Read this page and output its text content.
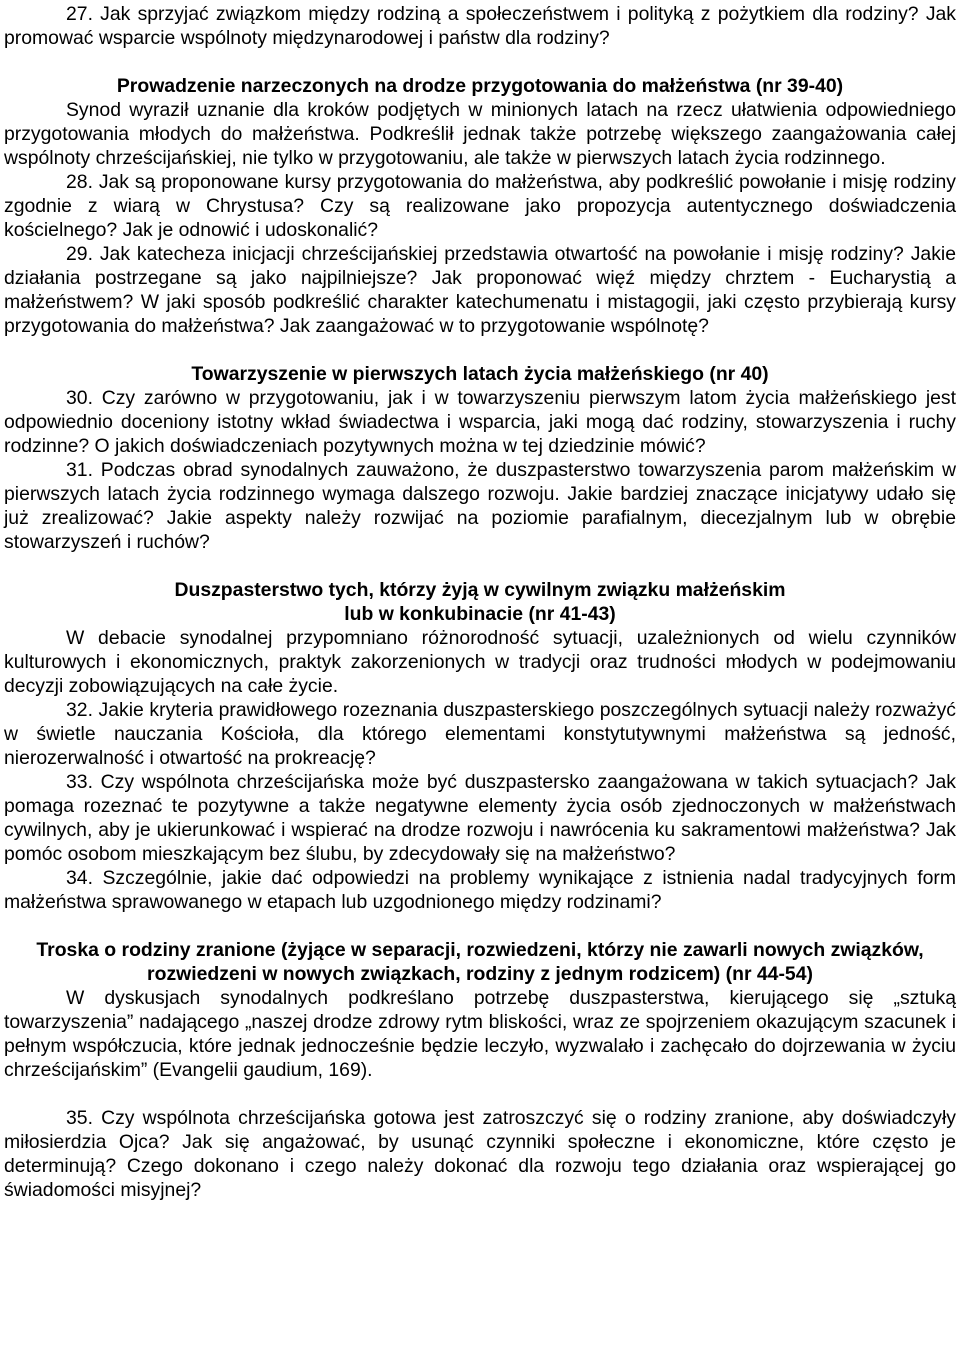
27. Jak sprzyjać związkom między rodziną a społeczeństwem i polityką z pożytkiem dla rodziny? Jak promować wsparcie wspólnoty międzynarodowej i państw dla rodziny?

Prowadzenie narzeczonych na drodze przygotowania do małżeństwa (nr 39-40)

Synod wyraził uznanie dla kroków podjętych w minionych latach na rzecz ułatwienia odpowiedniego przygotowania młodych do małżeństwa. Podkreślił jednak także potrzebę większego zaangażowania całej wspólnoty chrześcijańskiej, nie tylko w przygotowaniu, ale także w pierwszych latach życia rodzinnego.

28. Jak są proponowane kursy przygotowania do małżeństwa, aby podkreślić powołanie i misję rodziny zgodnie z wiarą w Chrystusa? Czy są realizowane jako propozycja autentycznego doświadczenia kościelnego? Jak je odnowić i udoskonalić?

29. Jak katecheza inicjacji chrześcijańskiej przedstawia otwartość na powołanie i misję rodziny? Jakie działania postrzegane są jako najpilniejsze? Jak proponować więź między chrztem - Eucharystią a małżeństwem? W jaki sposób podkreślić charakter katechumenatu i mistagogii, jaki często przybierają kursy przygotowania do małżeństwa? Jak zaangażować w to przygotowanie wspólnotę?

Towarzyszenie w pierwszych latach życia małżeńskiego (nr 40)

30. Czy zarówno w przygotowaniu, jak i w towarzyszeniu pierwszym latom życia małżeńskiego jest odpowiednio doceniony istotny wkład świadectwa i wsparcia, jaki mogą dać rodziny, stowarzyszenia i ruchy rodzinne? O jakich doświadczeniach pozytywnych można w tej dziedzinie mówić?

31. Podczas obrad synodalnych zauważono, że duszpasterstwo towarzyszenia parom małżeńskim w pierwszych latach życia rodzinnego wymaga dalszego rozwoju. Jakie bardziej znaczące inicjatywy udało się już zrealizować? Jakie aspekty należy rozwijać na poziomie parafialnym, diecezjalnym lub w obrębie stowarzyszeń i ruchów?

Duszpasterstwo tych, którzy żyją w cywilnym związku małżeńskim

lub w konkubinacie (nr 41-43)

W debacie synodalnej przypomniano różnorodność sytuacji, uzależnionych od wielu czynników kulturowych i ekonomicznych, praktyk zakorzenionych w tradycji oraz trudności młodych w podejmowaniu decyzji zobowiązujących na całe życie.

32. Jakie kryteria prawidłowego rozeznania duszpasterskiego poszczególnych sytuacji należy rozważyć w świetle nauczania Kościoła, dla którego elementami konstytutywnymi małżeństwa są jedność, nierozerwalność i otwartość na prokreację?

33. Czy wspólnota chrześcijańska może być duszpastersko zaangażowana w takich sytuacjach? Jak pomaga rozeznać te pozytywne a także negatywne elementy życia osób zjednoczonych w małżeństwach cywilnych, aby je ukierunkować i wspierać na drodze rozwoju i nawrócenia ku sakramentowi małżeństwa? Jak pomóc osobom mieszkającym bez ślubu, by zdecydowały się na małżeństwo?

34. Szczególnie, jakie dać odpowiedzi na problemy wynikające z istnienia nadal tradycyjnych form małżeństwa sprawowanego w etapach lub uzgodnionego między rodzinami?

Troska o rodziny zranione (żyjące w separacji, rozwiedzeni, którzy nie zawarli nowych związków, rozwiedzeni w nowych związkach, rodziny z jednym rodzicem) (nr 44-54)

W dyskusjach synodalnych podkreślano potrzebę duszpasterstwa, kierującego się „sztuką towarzyszenia” nadającego „naszej drodze zdrowy rytm bliskości, wraz ze spojrzeniem okazującym szacunek i pełnym współczucia, które jednak jednocześnie będzie leczyło, wyzwalało i zachęcało do dojrzewania w życiu chrześcijańskim” (Evangelii gaudium, 169).

35. Czy wspólnota chrześcijańska gotowa jest zatroszczyć się o rodziny zranione, aby doświadczyły miłosierdzia Ojca? Jak się angażować, by usunąć czynniki społeczne i ekonomiczne, które często je determinują? Czego dokonano i czego należy dokonać dla rozwoju tego działania oraz wspierającej go świadomości misyjnej?
